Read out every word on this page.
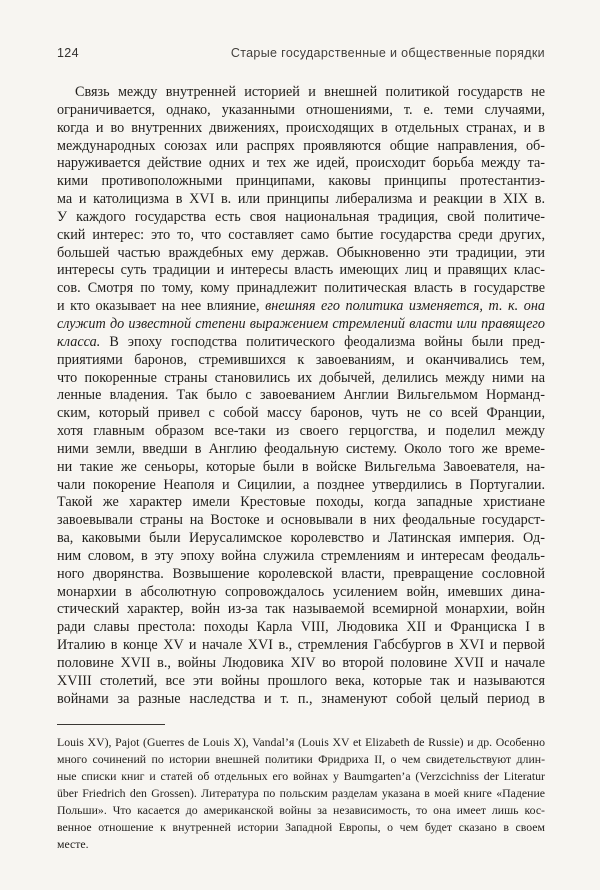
124	Старые государственные и общественные порядки
Связь между внутренней историей и внешней политикой государств не
ограничивается, однако, указанными отношениями, т. е. теми случаями,
когда и во внутренних движениях, происходящих в отдельных странах, и в
международных союзах или распрях проявляются общие направления, об-
наруживается действие одних и тех же идей, происходит борьба между та-
кими противоположными принципами, каковы принципы протестантиз-
ма и католицизма в XVI в. или принципы либерализма и реакции в XIX в.
У каждого государства есть своя национальная традиция, свой политиче-
ский интерес: это то, что составляет само бытие государства среди других,
большей частью враждебных ему держав. Обыкновенно эти традиции, эти
интересы суть традиции и интересы власть имеющих лиц и правящих клас-
сов. Смотря по тому, кому принадлежит политическая власть в государстве
и кто оказывает на нее влияние, внешняя его политика изменяется, т. к. она
служит до известной степени выражением стремлений власти или правящего
класса. В эпоху господства политического феодализма войны были пред-
приятиями баронов, стремившихся к завоеваниям, и оканчивались тем,
что покоренные страны становились их добычей, делились между ними на
ленные владения. Так было с завоеванием Англии Вильгельмом Норманд-
ским, который привел с собой массу баронов, чуть не со всей Франции,
хотя главным образом все-таки из своего герцогства, и поделил между
ними земли, введши в Англию феодальную систему. Около того же време-
ни такие же сеньоры, которые были в войске Вильгельма Завоевателя, на-
чали покорение Неаполя и Сицилии, а позднее утвердились в Португалии.
Такой же характер имели Крестовые походы, когда западные христиане
завоевывали страны на Востоке и основывали в них феодальные государст-
ва, каковыми были Иерусалимское королевство и Латинская империя. Од-
ним словом, в эту эпоху война служила стремлениям и интересам феодаль-
ного дворянства. Возвышение королевской власти, превращение сословной
монархии в абсолютную сопровождалось усилением войн, имевших дина-
стический характер, войн из-за так называемой всемирной монархии, войн
ради славы престола: походы Карла VIII, Людовика XII и Франциска I в
Италию в конце XV и начале XVI в., стремления Габсбургов в XVI и первой
половине XVII в., войны Людовика XIV во второй половине XVII и начале
XVIII столетий, все эти войны прошлого века, которые так и называются
войнами за разные наследства и т. п., знаменуют собой целый период в
Louis XV), Pajot (Guerres de Louis X), Vandal’я (Louis XV et Elizabeth de Russie) и др. Особенно
много сочинений по истории внешней политики Фридриха II, о чем свидетельствуют длин-
ные списки книг и статей об отдельных его войнах у Baumgarten’а (Verzcichniss der Literatur
über Friedrich den Grossen). Литература по польским разделам указана в моей книге «Падение
Польши». Что касается до американской войны за независимость, то она имеет лишь кос-
венное отношение к внутренней истории Западной Европы, о чем будет сказано в своем
месте.
